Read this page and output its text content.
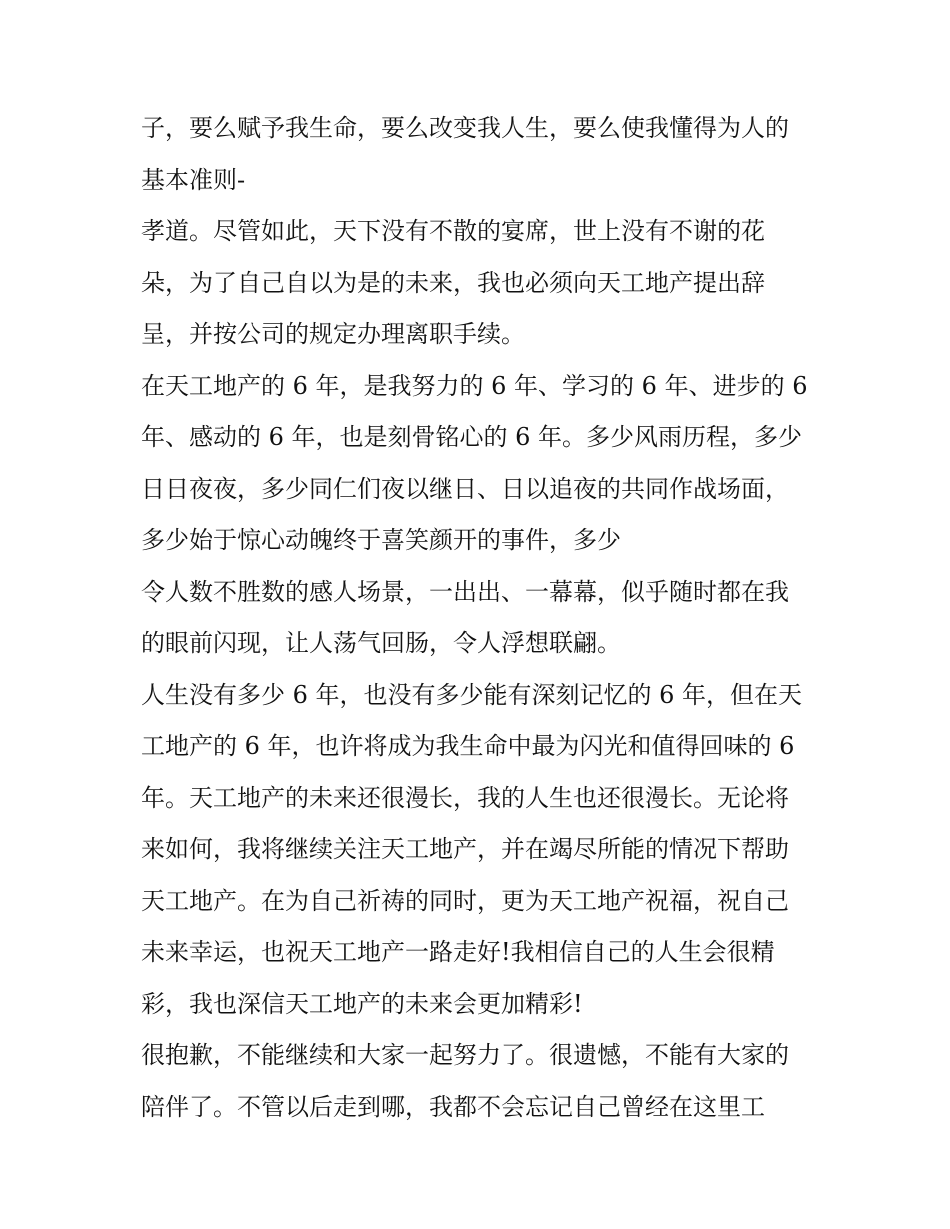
子，要么赋予我生命，要么改变我人生，要么使我懂得为人的
基本准则-
孝道。尽管如此，天下没有不散的宴席，世上没有不谢的花
朵，为了自己自以为是的未来，我也必须向天工地产提出辞
呈，并按公司的规定办理离职手续。
在天工地产的 6 年，是我努力的 6 年、学习的 6 年、进步的 6
年、感动的 6 年，也是刻骨铭心的 6 年。多少风雨历程，多少
日日夜夜，多少同仁们夜以继日、日以追夜的共同作战场面，
多少始于惊心动魄终于喜笑颜开的事件，多少
令人数不胜数的感人场景，一出出、一幕幕，似乎随时都在我
的眼前闪现，让人荡气回肠，令人浮想联翩。
人生没有多少 6 年，也没有多少能有深刻记忆的 6 年，但在天
工地产的 6 年，也许将成为我生命中最为闪光和值得回味的 6
年。天工地产的未来还很漫长，我的人生也还很漫长。无论将
来如何，我将继续关注天工地产，并在竭尽所能的情况下帮助
天工地产。在为自己祈祷的同时，更为天工地产祝福，祝自己
未来幸运，也祝天工地产一路走好!我相信自己的人生会很精
彩，我也深信天工地产的未来会更加精彩!
很抱歉，不能继续和大家一起努力了。很遗憾，不能有大家的
陪伴了。不管以后走到哪，我都不会忘记自己曾经在这里工
